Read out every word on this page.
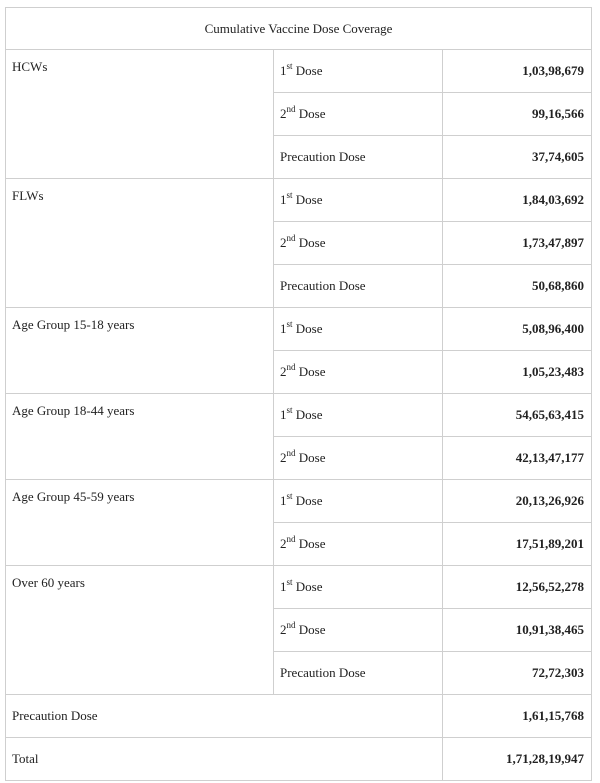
Cumulative Vaccine Dose Coverage		
HCWs	1st Dose	1,03,98,679
	2nd Dose	99,16,566
	Precaution Dose	37,74,605
FLWs	1st Dose	1,84,03,692
	2nd Dose	1,73,47,897
	Precaution Dose	50,68,860
Age Group 15-18 years	1st Dose	5,08,96,400
	2nd Dose	1,05,23,483
Age Group 18-44 years	1st Dose	54,65,63,415
	2nd Dose	42,13,47,177
Age Group 45-59 years	1st Dose	20,13,26,926
	2nd Dose	17,51,89,201
Over 60 years	1st Dose	12,56,52,278
	2nd Dose	10,91,38,465
	Precaution Dose	72,72,303
Precaution Dose		1,61,15,768
Total		1,71,28,19,947
